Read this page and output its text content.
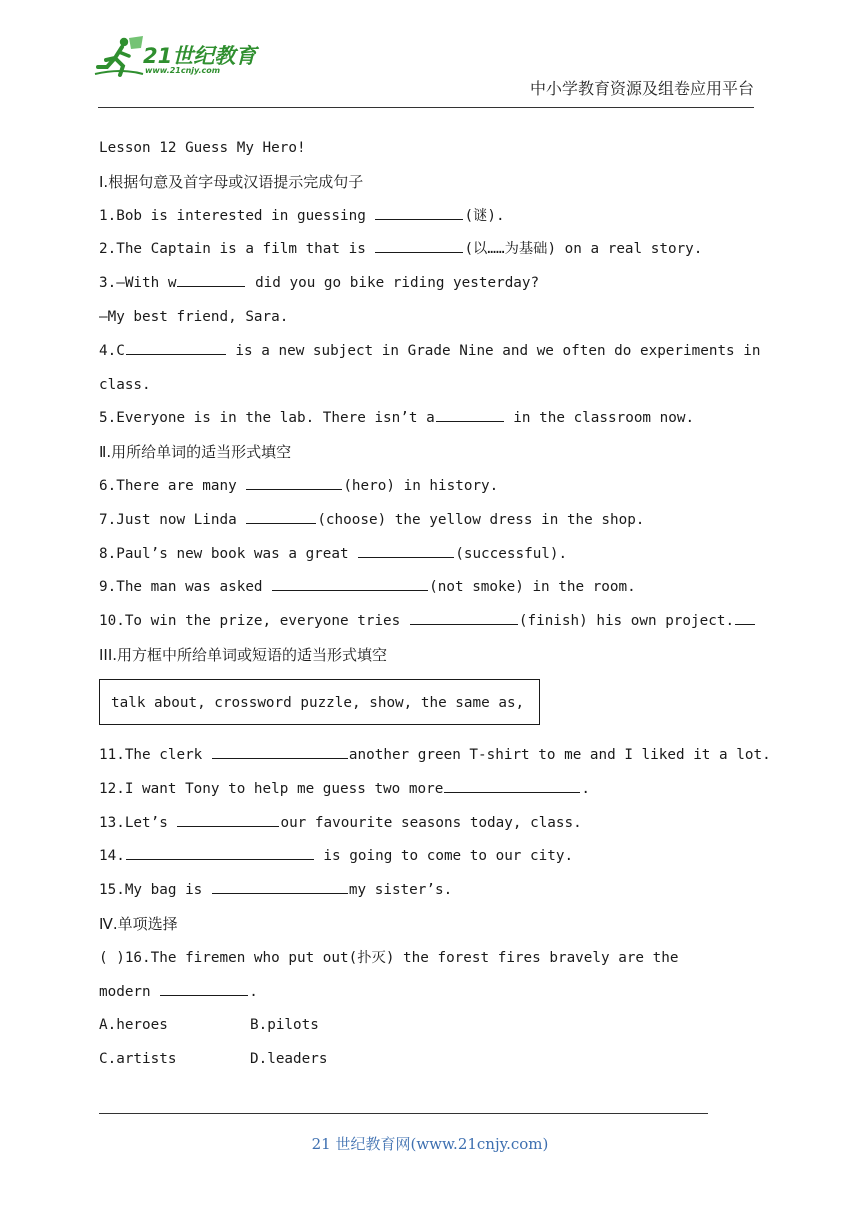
21世纪教育
www.21cnjy.com
中小学教育资源及组卷应用平台
Lesson 12 Guess My Hero!
Ⅰ.根据句意及首字母或汉语提示完成句子
1.Bob is interested in guessing	(谜).
2.The Captain is a film that is	(以……为基础) on a real story.
3.—With w	did you go bike riding yesterday?
—My best friend, Sara.
4.C	is a new subject in Grade Nine and we often do experiments in
class.
5.Everyone is in the lab. There isn’t a	in the classroom now.
Ⅱ.用所给单词的适当形式填空
6.There are many	(hero) in history.
7.Just now Linda	(choose) the yellow dress in the shop.
8.Paul’s new book was a great	(successful).
9.The man was asked	(not smoke) in the room.
10.To win the prize, everyone tries	(finish) his own project.
III.用方框中所给单词或短语的适当形式填空
talk about, crossword puzzle, show, the same as,
11.The clerk	another green T-shirt to me and I liked it a lot.
12.I want Tony to help me guess two more	.
13.Let’s	our favourite seasons today, class.
14.	is going to come to our city.
15.My bag is	my sister’s.
Ⅳ.单项选择
( )16.The firemen who put out(扑灭) the forest fires bravely are the
modern	.
A.heroes	B.pilots
C.artists	D.leaders
21 世纪教育网(www.21cnjy.com)
